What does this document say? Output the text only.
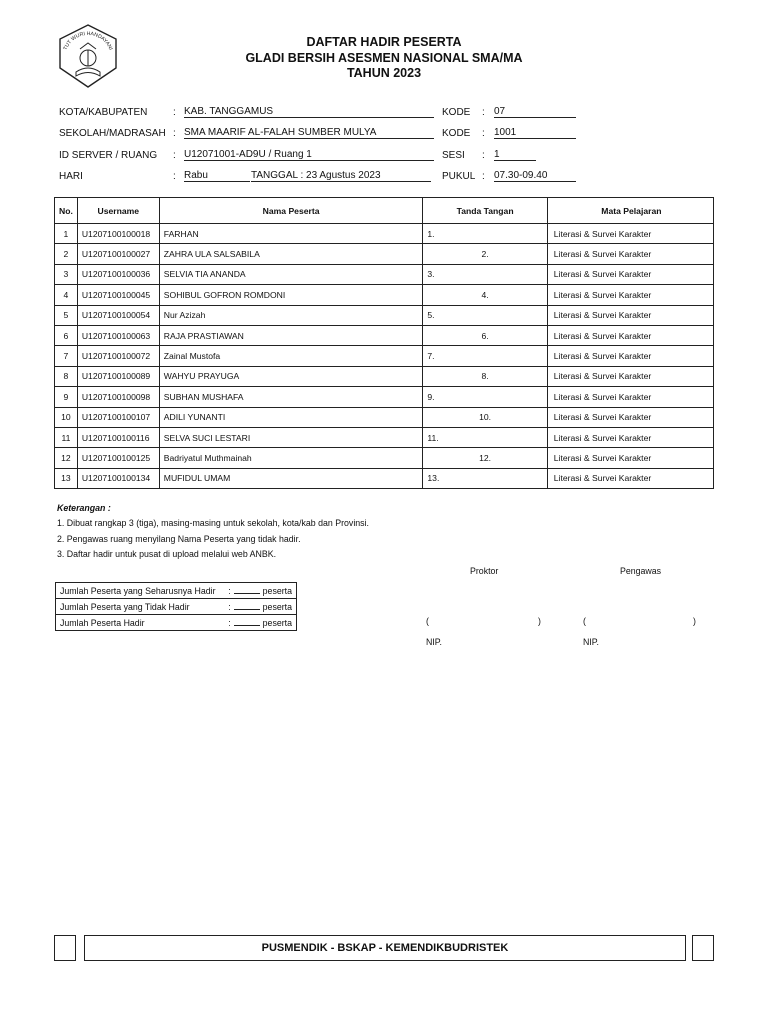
TUT WURI HANDAYANI
DAFTAR HADIR PESERTA
GLADI BERSIH ASESMEN NASIONAL SMA/MA
TAHUN 2023
KOTA/KABUPATEN	: KAB. TANGGAMUS	KODE : 07
SEKOLAH/MADRASAH : SMA MAARIF AL-FALAH SUMBER MULYA	KODE : 1001
ID SERVER / RUANG : U12071001-AD9U / Ruang 1	SESI : 1
HARI	: Rabu	TANGGAL : 23 Agustus 2023	PUKUL : 07.30-09.40
No.	Username	Nama Peserta	Tanda Tangan	Mata Pelajaran
1	U1207100100018	FARHAN	1.	Literasi & Survei Karakter
2	U1207100100027	ZAHRA ULA SALSABILA	2.	Literasi & Survei Karakter
3	U1207100100036	SELVIA TIA ANANDA	3.	Literasi & Survei Karakter
4	U1207100100045	SOHIBUL GOFRON ROMDONI	4.	Literasi & Survei Karakter
5	U1207100100054	Nur Azizah	5.	Literasi & Survei Karakter
6	U1207100100063	RAJA PRASTIAWAN	6.	Literasi & Survei Karakter
7	U1207100100072	Zainal Mustofa	7.	Literasi & Survei Karakter
8	U1207100100089	WAHYU PRAYUGA	8.	Literasi & Survei Karakter
9	U1207100100098	SUBHAN MUSHAFA	9.	Literasi & Survei Karakter
10	U1207100100107	ADILI YUNANTI	10.	Literasi & Survei Karakter
11	U1207100100116	SELVA SUCI LESTARI	11.	Literasi & Survei Karakter
12	U1207100100125	Badriyatul Muthmainah	12.	Literasi & Survei Karakter
13	U1207100100134	MUFIDUL UMAM	13.	Literasi & Survei Karakter
Keterangan :
1. Dibuat rangkap 3 (tiga), masing-masing untuk sekolah, kota/kab dan Provinsi.
2. Pengawas ruang menyilang Nama Peserta yang tidak hadir.
3. Daftar hadir untuk pusat di upload melalui web ANBK.
Jumlah Peserta yang Seharusnya Hadir :	peserta

Jumlah Peserta yang Tidak Hadir	:	peserta

Jumlah Peserta Hadir	:	peserta
Proktor	Pengawas
(	)	(	)
NIP.	NIP.
PUSMENDIK - BSKAP - KEMENDIKBUDRISTEK
